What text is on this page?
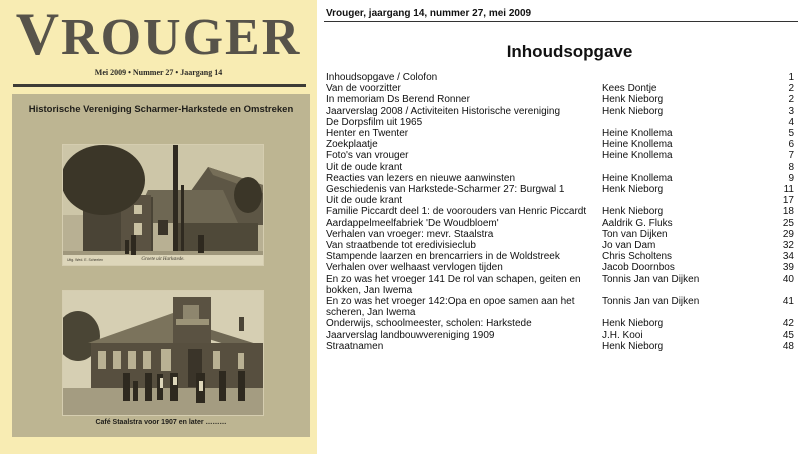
VROUGER
Mei 2009 • Nummer 27 • Jaargang 14
Historische Vereniging Scharmer-Harkstede en Omstreken
Uitg. Wed. E. Scheelen	Groete uit Harkstede.
Café Staalstra voor 1907 en later ………
Vrouger, jaargang 14, nummer 27, mei 2009
Inhoudsopgave
Inhoudsopgave / Colofon	1
Van de voorzitter	Kees Dontje	2
In memoriam Ds Berend Ronner	Henk Nieborg	2
Jaarverslag 2008 / Activiteiten Historische vereniging	Henk Nieborg	3
De Dorpsfilm uit 1965	4
Henter en Twenter	Heine Knollema	5
Zoekplaatje	Heine Knollema	6
Foto's van vrouger	Heine Knollema	7
Uit de oude krant	8
Reacties van lezers en nieuwe aanwinsten	Heine Knollema	9
Geschiedenis van Harkstede-Scharmer 27: Burgwal 1	Henk Nieborg	11
Uit de oude krant	17
Familie Piccardt deel 1: de voorouders van Henric Piccardt	Henk Nieborg	18
Aardappelmeelfabriek 'De Woudbloem'	Aaldrik G. Fluks	25
Verhalen van vroeger: mevr. Staalstra	Ton van Dijken	29
Van straatbende tot eredivisieclub	Jo van Dam	32
Stampende laarzen en brencarriers in de Woldstreek	Chris Scholtens	34
Verhalen over welhaast vervlogen tijden	Jacob Doornbos	39
En zo was het vroeger 141 De rol van schapen, geiten en bokken, Jan Iwema
Tonnis Jan van Dijken	40
En zo was het vroeger 142:Opa en opoe samen aan het scheren, Jan Iwema
Tonnis Jan van Dijken	41
Onderwijs, schoolmeester, scholen: Harkstede	Henk Nieborg	42
Jaarverslag landbouwvereniging 1909	J.H. Kooi	45
Straatnamen	Henk Nieborg	48
